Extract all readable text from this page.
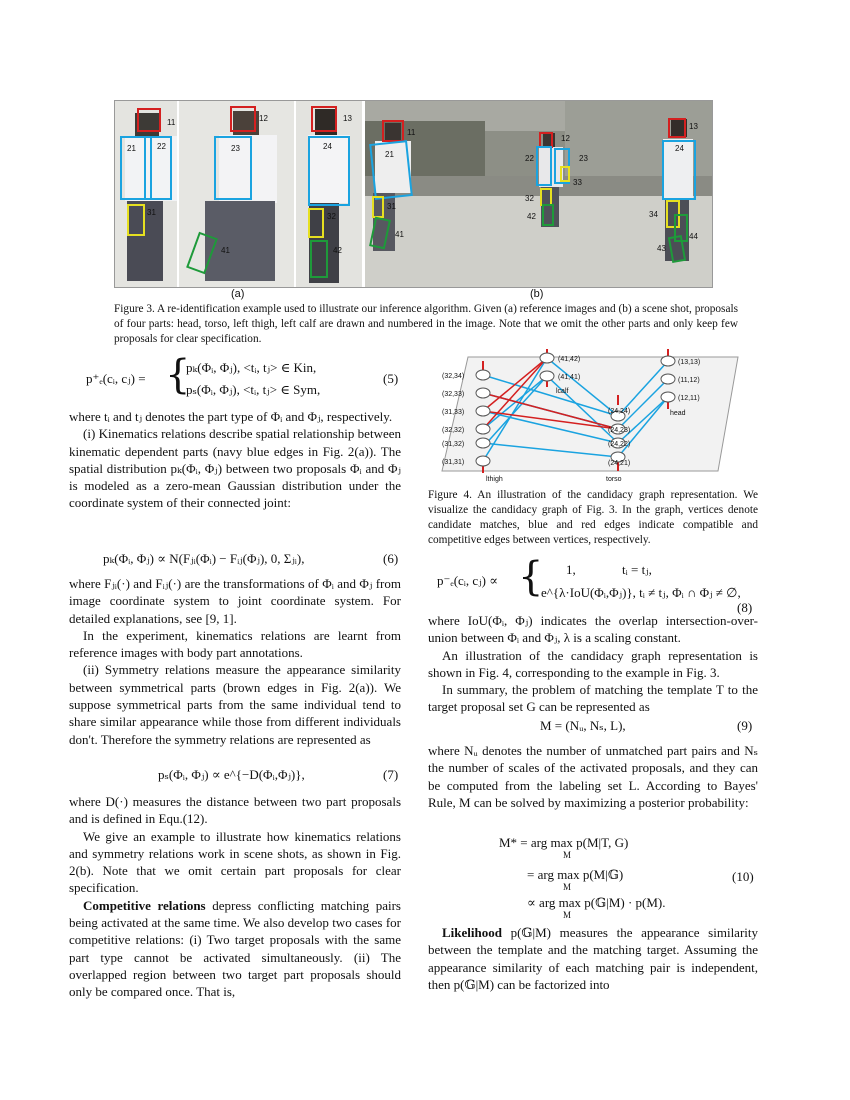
11
21	22
31
12
23
41
13
24
32
42
11
21
31
41
12
22	23
33
32
42
13
24
34
44
43
(a)	(b)
Figure 3. A re-identification example used to illustrate our inference algorithm. Given (a) reference images and (b) a scene shot, proposals of four parts: head, torso, left thigh, left calf are drawn and numbered in the image. Note that we omit the other parts and only keep few proposals for clear specification.
p⁺ₑ(cᵢ, cⱼ) = {
pₖ(Φᵢ, Φⱼ), <tᵢ, tⱼ> ∈ Kin,
pₛ(Φᵢ, Φⱼ), <tᵢ, tⱼ> ∈ Sym,
(5)

where tᵢ and tⱼ denotes the part type of Φᵢ and Φⱼ, respectively.

(i) Kinematics relations describe spatial relationship between kinematic dependent parts (navy blue edges in Fig. 2(a)). The spatial distribution pₖ(Φᵢ, Φⱼ) between two proposals Φᵢ and Φⱼ is modeled as a zero-mean Gaussian distribution under the coordinate system of their connected joint:

pₖ(Φᵢ, Φⱼ) ∝ N(Fⱼᵢ(Φᵢ) − Fᵢⱼ(Φⱼ), 0, Σⱼᵢ),	(6)

where Fⱼᵢ(·) and Fᵢⱼ(·) are the transformations of Φᵢ and Φⱼ from image coordinate system to joint coordinate system. For detailed explanations, see [9, 1].

In the experiment, kinematics relations are learnt from reference images with body part annotations.

(ii) Symmetry relations measure the appearance similarity between symmetrical parts (brown edges in Fig. 2(a)). We suppose symmetrical parts from the same individual tend to share similar appearance while those from different individuals don't. Therefore the symmetry relations are represented as

pₛ(Φᵢ, Φⱼ) ∝ e^{−D(Φᵢ,Φⱼ)},	(7)

where D(·) measures the distance between two part proposals and is defined in Equ.(12).

We give an example to illustrate how kinematics relations and symmetry relations work in scene shots, as shown in Fig. 2(b). Note that we omit certain part proposals for clear specification.

Competitive relations depress conflicting matching pairs being activated at the same time. We also develop two cases for competitive relations: (i) Two target proposals with the same part type cannot be activated simultaneously. (ii) The overlapped region between two target part proposals should only be compared once. That is,

(32,34)
(32,33)
(31,33)
(32,32)
(31,32)
(31,31)
(41,42)
(41,41)
(24,24)
(24,23)
(24,22)
(24,21)
(13,13)
(11,12)
(12,11)
lthigh
lcalf
torso
head
Figure 4. An illustration of the candidacy graph representation. We visualize the candidacy graph of Fig. 3. In the graph, vertices denote candidate matches, blue and red edges indicate compatible and competitive edges between vertices, respectively.
p⁻ₑ(cᵢ, cⱼ) ∝ { 1,	tᵢ = tⱼ,
e^{λ·IoU(Φᵢ,Φⱼ)}, tᵢ ≠ tⱼ, Φᵢ ∩ Φⱼ ≠ ∅,
(8)

where IoU(Φᵢ, Φⱼ) indicates the overlap intersection-over-union between Φᵢ and Φⱼ, λ is a scaling constant.

An illustration of the candidacy graph representation is shown in Fig. 4, corresponding to the example in Fig. 3.

In summary, the problem of matching the template T to the target proposal set G can be represented as

M = (Nᵤ, Nₛ, L),	(9)

where Nᵤ denotes the number of unmatched part pairs and Nₛ the number of scales of the activated proposals, and they can be computed from the labeling set L. According to Bayes' Rule, M can be solved by maximizing a posterior probability:

M* = arg max p(M|T, G)
M
= arg max p(M|𝔾)
M
∝ arg max p(𝔾|M) · p(M).
M
(10)

Likelihood p(𝔾|M) measures the appearance similarity between the template and the matching target. Assuming the appearance similarity of each matching pair is independent, then p(𝔾|M) can be factorized into
